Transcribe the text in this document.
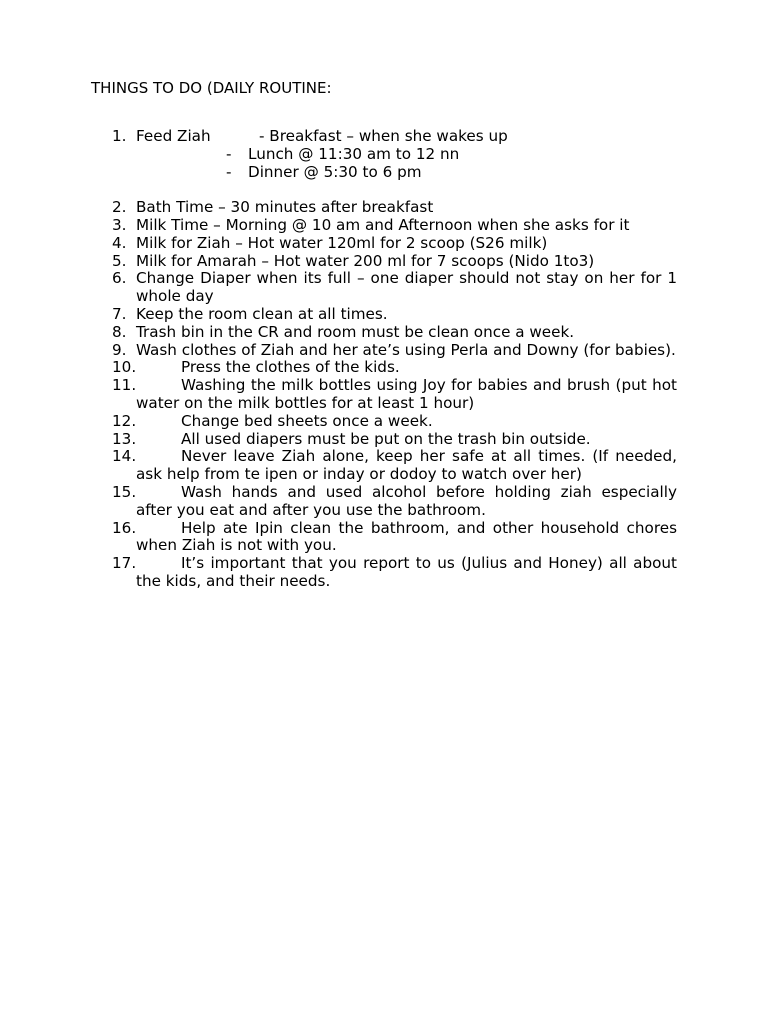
THINGS TO DO (DAILY ROUTINE:
1. Feed Ziah	- Breakfast – when she wakes up
- Lunch @ 11:30 am to 12 nn
- Dinner @ 5:30 to 6 pm
2. Bath Time – 30 minutes after breakfast
3. Milk Time – Morning @ 10 am and Afternoon when she asks for it
4. Milk for Ziah – Hot water 120ml for 2 scoop (S26 milk)
5. Milk for Amarah – Hot water 200 ml for 7 scoops (Nido 1to3)
6. Change Diaper when its full – one diaper should not stay on her for 1 whole day
7. Keep the room clean at all times.
8. Trash bin in the CR and room must be clean once a week.
9. Wash clothes of Ziah and her ate’s using Perla and Downy (for babies).
10.	Press the clothes of the kids.
11.	Washing the milk bottles using Joy for babies and brush (put hot water on the milk bottles for at least 1 hour)
12.	Change bed sheets once a week.
13.	All used diapers must be put on the trash bin outside.
14.	Never leave Ziah alone, keep her safe at all times. (If needed, ask help from te ipen or inday or dodoy to watch over her)
15.	Wash hands and used alcohol before holding ziah especially after you eat and after you use the bathroom.
16.	Help ate Ipin clean the bathroom, and other household chores when Ziah is not with you.
17.	It’s important that you report to us (Julius and Honey) all about the kids, and their needs.
